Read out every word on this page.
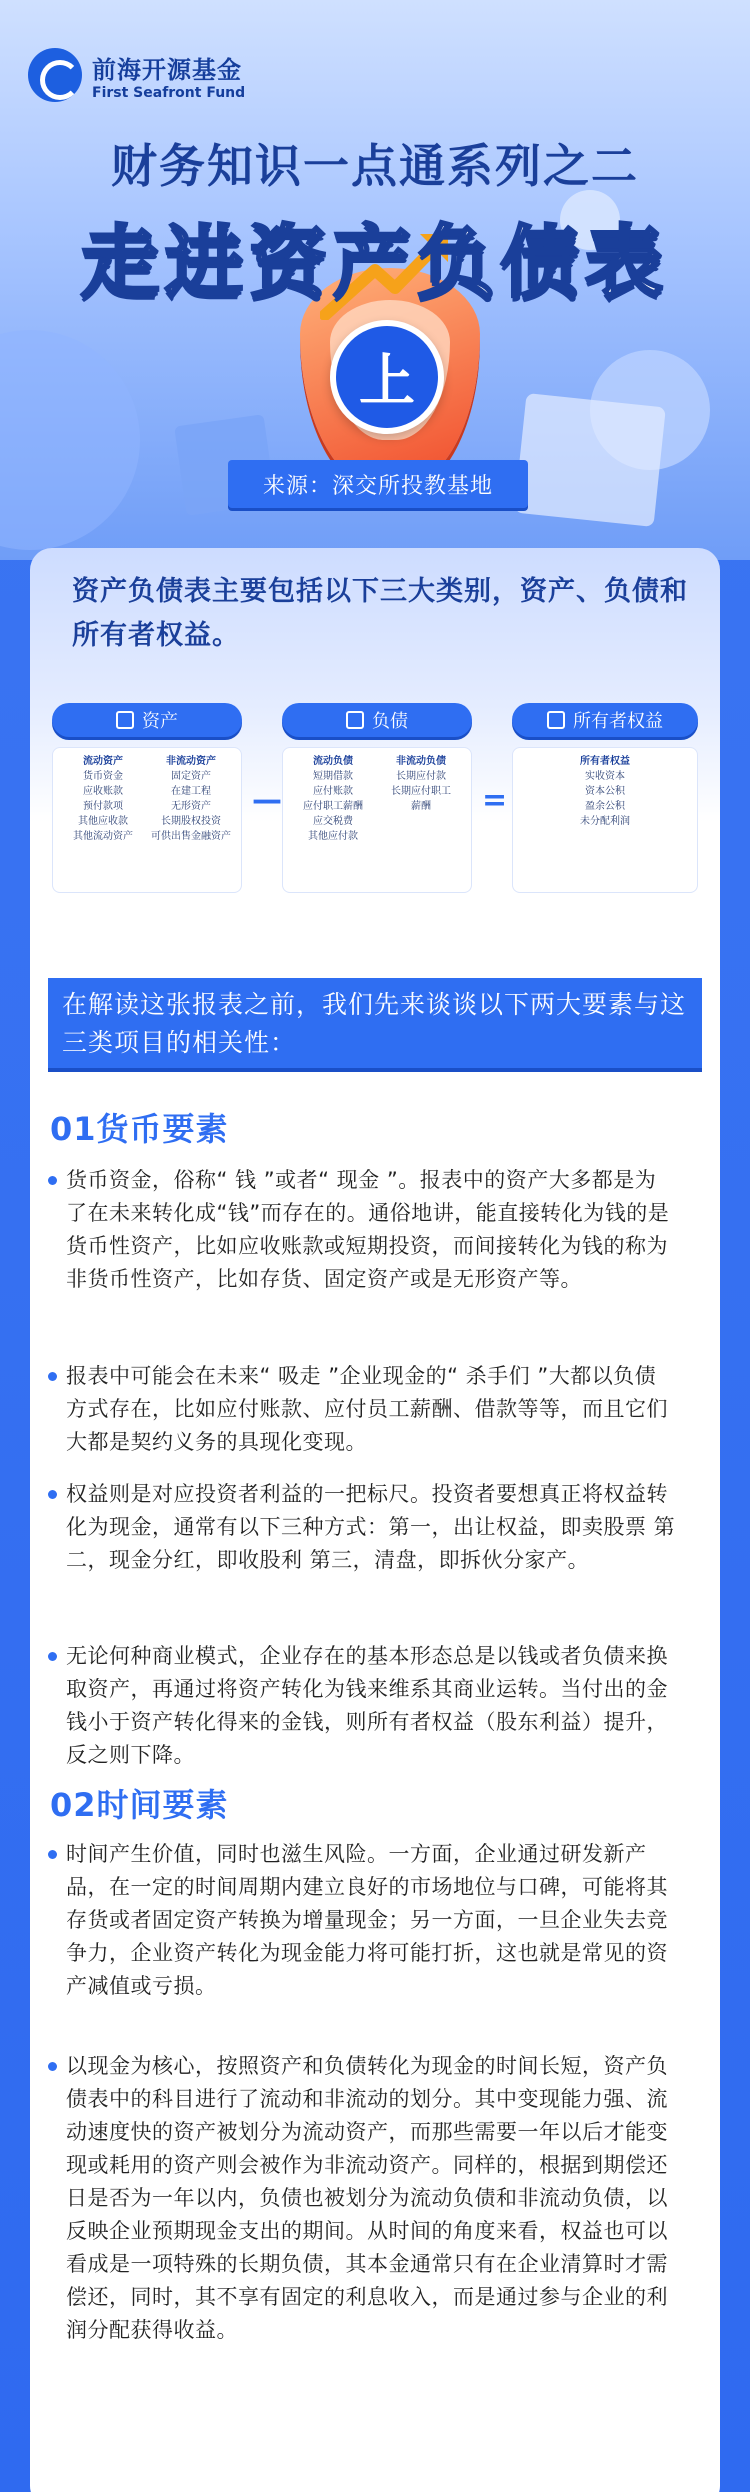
前海开源基金
First Seafront Fund
财务知识一点通系列之二
走进资产负债表
上
来源：深交所投教基地
资产负债表主要包括以下三大类别，资产、负债和所有者权益。
资产
流动资产
货币资金
应收账款
预付款项
其他应收款
其他流动资产
非流动资产
固定资产
在建工程
无形资产
长期股权投资
可供出售金融资产
—
负债
流动负债
短期借款
应付账款
应付职工薪酬
应交税费
其他应付款
非流动负债
长期应付款
长期应付职工
薪酬	=
所有者权益
所有者权益
实收资本
资本公积
盈余公积
未分配利润
在解读这张报表之前，我们先来谈谈以下两大要素与这三类项目的相关性：
01货币要素
货币资金，俗称“ 钱 ”或者“ 现金 ”。报表中的资产大多都是为了在未来转化成“钱”而存在的。通俗地讲，能直接转化为钱的是货币性资产，比如应收账款或短期投资，而间接转化为钱的称为非货币性资产，比如存货、固定资产或是无形资产等。
报表中可能会在未来“ 吸走 ”企业现金的“ 杀手们 ”大都以负债方式存在，比如应付账款、应付员工薪酬、借款等等，而且它们大都是契约义务的具现化变现。
权益则是对应投资者利益的一把标尺。投资者要想真正将权益转化为现金，通常有以下三种方式：第一，出让权益，即卖股票 第二，现金分红，即收股利 第三，清盘，即拆伙分家产。
无论何种商业模式，企业存在的基本形态总是以钱或者负债来换取资产，再通过将资产转化为钱来维系其商业运转。当付出的金钱小于资产转化得来的金钱，则所有者权益（股东利益）提升，反之则下降。
02时间要素
时间产生价值，同时也滋生风险。一方面，企业通过研发新产品，在一定的时间周期内建立良好的市场地位与口碑，可能将其存货或者固定资产转换为增量现金；另一方面，一旦企业失去竞争力，企业资产转化为现金能力将可能打折，这也就是常见的资产减值或亏损。
以现金为核心，按照资产和负债转化为现金的时间长短，资产负债表中的科目进行了流动和非流动的划分。其中变现能力强、流动速度快的资产被划分为流动资产，而那些需要一年以后才能变现或耗用的资产则会被作为非流动资产。同样的，根据到期偿还日是否为一年以内，负债也被划分为流动负债和非流动负债，以反映企业预期现金支出的期间。从时间的角度来看，权益也可以看成是一项特殊的长期负债，其本金通常只有在企业清算时才需偿还，同时，其不享有固定的利息收入，而是通过参与企业的利润分配获得收益。
